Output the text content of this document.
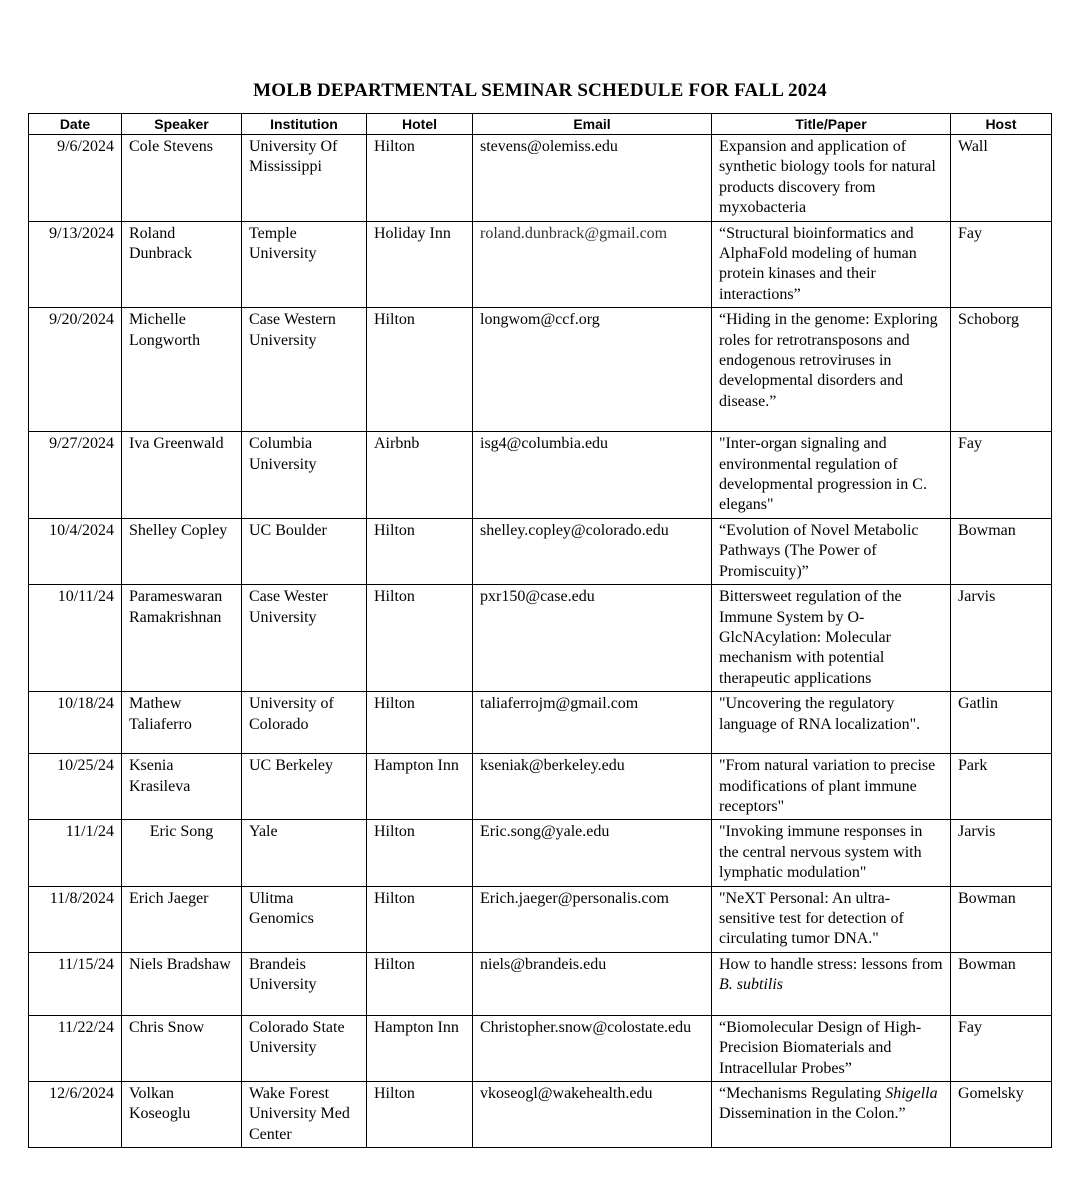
MOLB DEPARTMENTAL SEMINAR SCHEDULE FOR FALL 2024
Date	Speaker	Institution	Hotel	Email	Title/Paper	Host
9/6/2024	Cole Stevens	University Of Mississippi	Hilton	stevens@olemiss.edu	Expansion and application of synthetic biology tools for natural products discovery from myxobacteria	Wall
9/13/2024	Roland Dunbrack	Temple University	Holiday Inn	roland.dunbrack@gmail.com	“Structural bioinformatics and AlphaFold modeling of human protein kinases and their interactions”	Fay
9/20/2024	Michelle Longworth	Case Western University	Hilton	longwom@ccf.org	“Hiding in the genome: Exploring roles for retrotransposons and endogenous retroviruses in developmental disorders and disease.”	Schoborg
9/27/2024	Iva Greenwald	Columbia University	Airbnb	isg4@columbia.edu	"Inter-organ signaling and environmental regulation of developmental progression in C. elegans"	Fay
10/4/2024	Shelley Copley	UC Boulder	Hilton	shelley.copley@colorado.edu	“Evolution of Novel Metabolic Pathways (The Power of Promiscuity)”	Bowman
10/11/24	Parameswaran Ramakrishnan	Case Wester University	Hilton	pxr150@case.edu	Bittersweet regulation of the Immune System by O-GlcNAcylation: Molecular mechanism with potential therapeutic applications	Jarvis
10/18/24	Mathew Taliaferro	University of Colorado	Hilton	taliaferrojm@gmail.com	"Uncovering the regulatory language of RNA localization".	Gatlin
10/25/24	Ksenia Krasileva	UC Berkeley	Hampton Inn	kseniak@berkeley.edu	"From natural variation to precise modifications of plant immune receptors"	Park
11/1/24	Eric Song	Yale	Hilton	Eric.song@yale.edu	"Invoking immune responses in the central nervous system with lymphatic modulation"	Jarvis
11/8/2024	Erich Jaeger	Ulitma Genomics	Hilton	Erich.jaeger@personalis.com	"NeXT Personal: An ultra-sensitive test for detection of circulating tumor DNA."	Bowman
11/15/24	Niels Bradshaw	Brandeis University	Hilton	niels@brandeis.edu	How to handle stress: lessons from B. subtilis	Bowman
11/22/24	Chris Snow	Colorado State University	Hampton Inn	Christopher.snow@colostate.edu	“Biomolecular Design of High-Precision Biomaterials and Intracellular Probes”	Fay
12/6/2024	Volkan Koseoglu	Wake Forest University Med Center	Hilton	vkoseogl@wakehealth.edu	“Mechanisms Regulating Shigella Dissemination in the Colon.”	Gomelsky
